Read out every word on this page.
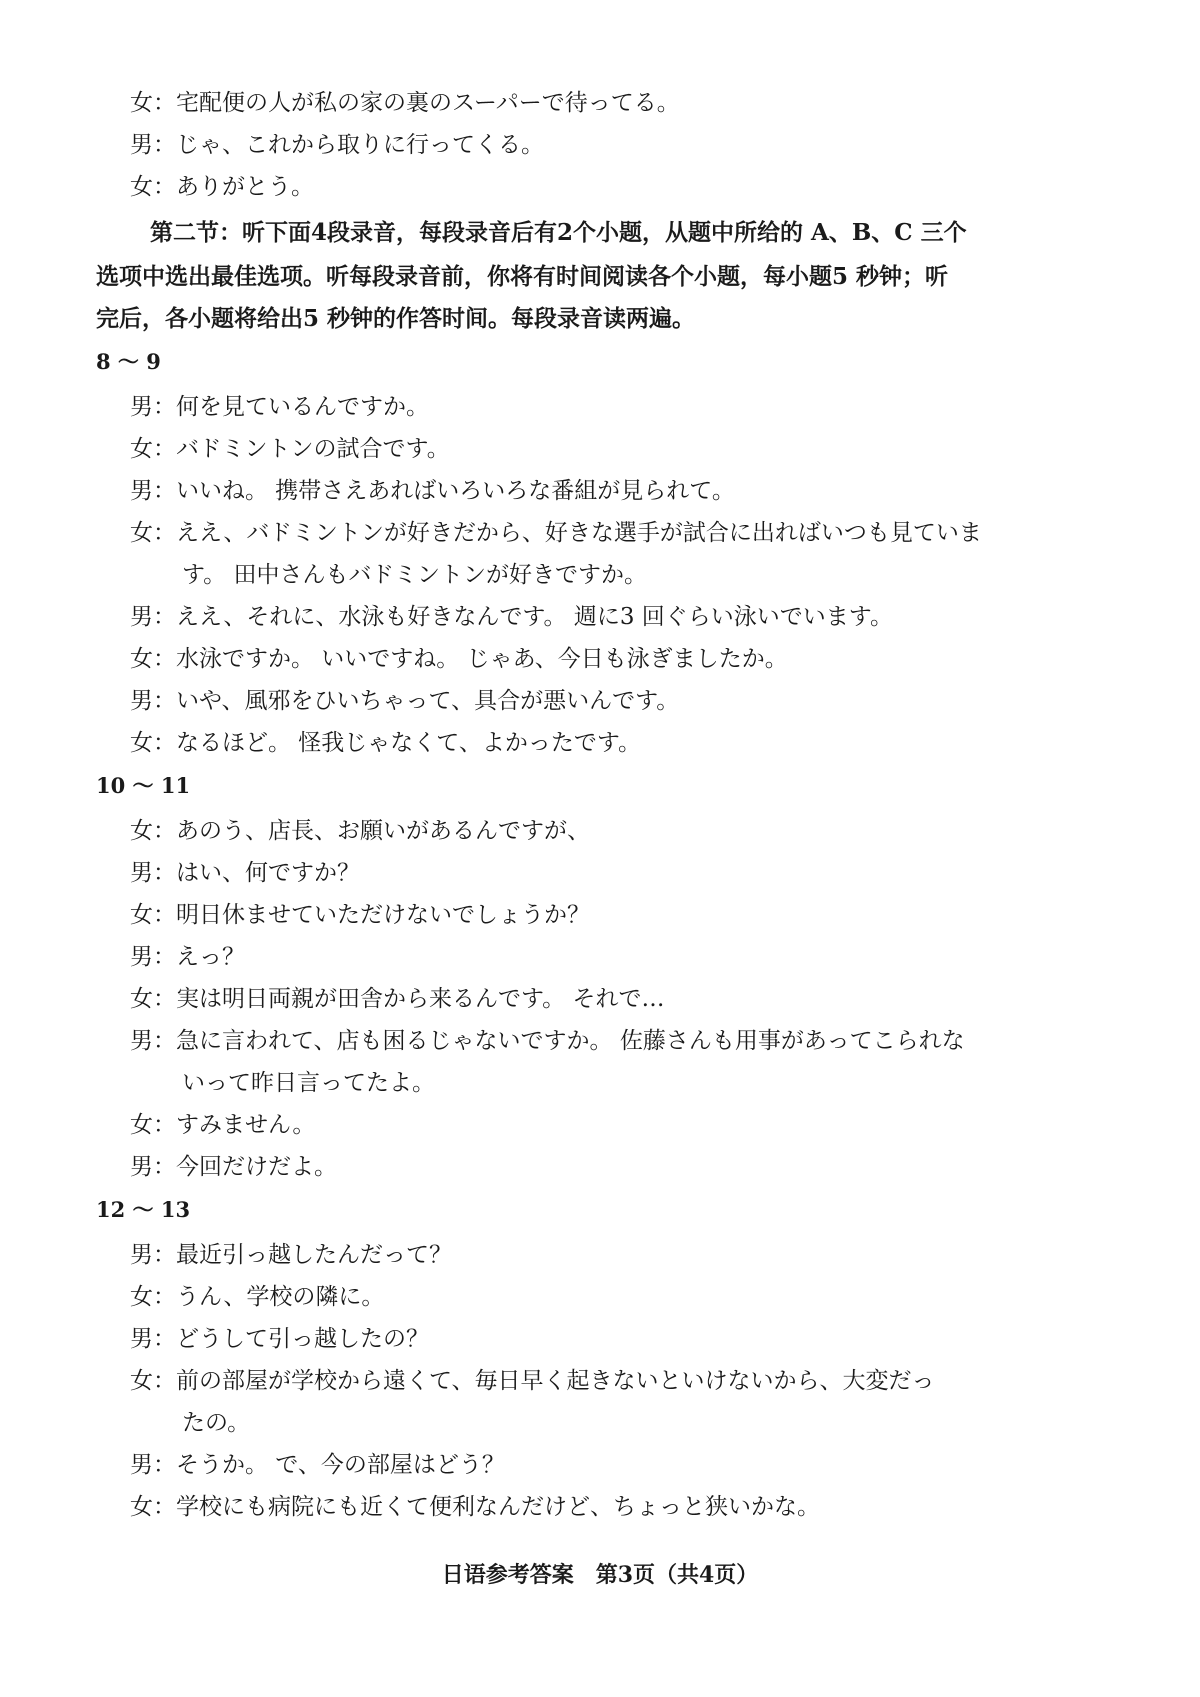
女：宅配便の人が私の家の裏のスーパーで待ってる。
男：じゃ、これから取りに行ってくる。
女：ありがとう。
第二节：听下面4段录音，每段录音后有2个小题，从题中所给的 A、B、C 三个
选项中选出最佳选项。听每段录音前，你将有时间阅读各个小题，每小题5 秒钟；听
完后，各小题将给出5 秒钟的作答时间。每段录音读两遍。
8 ～ 9
男：何を見ているんですか。
女：バドミントンの試合です。
男：いいね。 携帯さえあればいろいろな番組が見られて。
女：ええ、バドミントンが好きだから、好きな選手が試合に出ればいつも見ていま
す。 田中さんもバドミントンが好きですか。
男：ええ、それに、水泳も好きなんです。 週に3 回ぐらい泳いでいます。
女：水泳ですか。 いいですね。 じゃあ、今日も泳ぎましたか。
男：いや、風邪をひいちゃって、具合が悪いんです。
女：なるほど。 怪我じゃなくて、よかったです。
10 ～ 11
女：あのう、店長、お願いがあるんですが、
男：はい、何ですか？
女：明日休ませていただけないでしょうか？
男：えっ？
女：実は明日両親が田舎から来るんです。 それで…
男：急に言われて、店も困るじゃないですか。 佐藤さんも用事があってこられな
いって昨日言ってたよ。
女：すみません。
男：今回だけだよ。
12 ～ 13
男：最近引っ越したんだって？
女：うん、学校の隣に。
男：どうして引っ越したの？
女：前の部屋が学校から遠くて、毎日早く起きないといけないから、大変だっ
たの。
男：そうか。 で、今の部屋はどう？
女：学校にも病院にも近くて便利なんだけど、ちょっと狭いかな。
日语参考答案　第3页（共4页）
